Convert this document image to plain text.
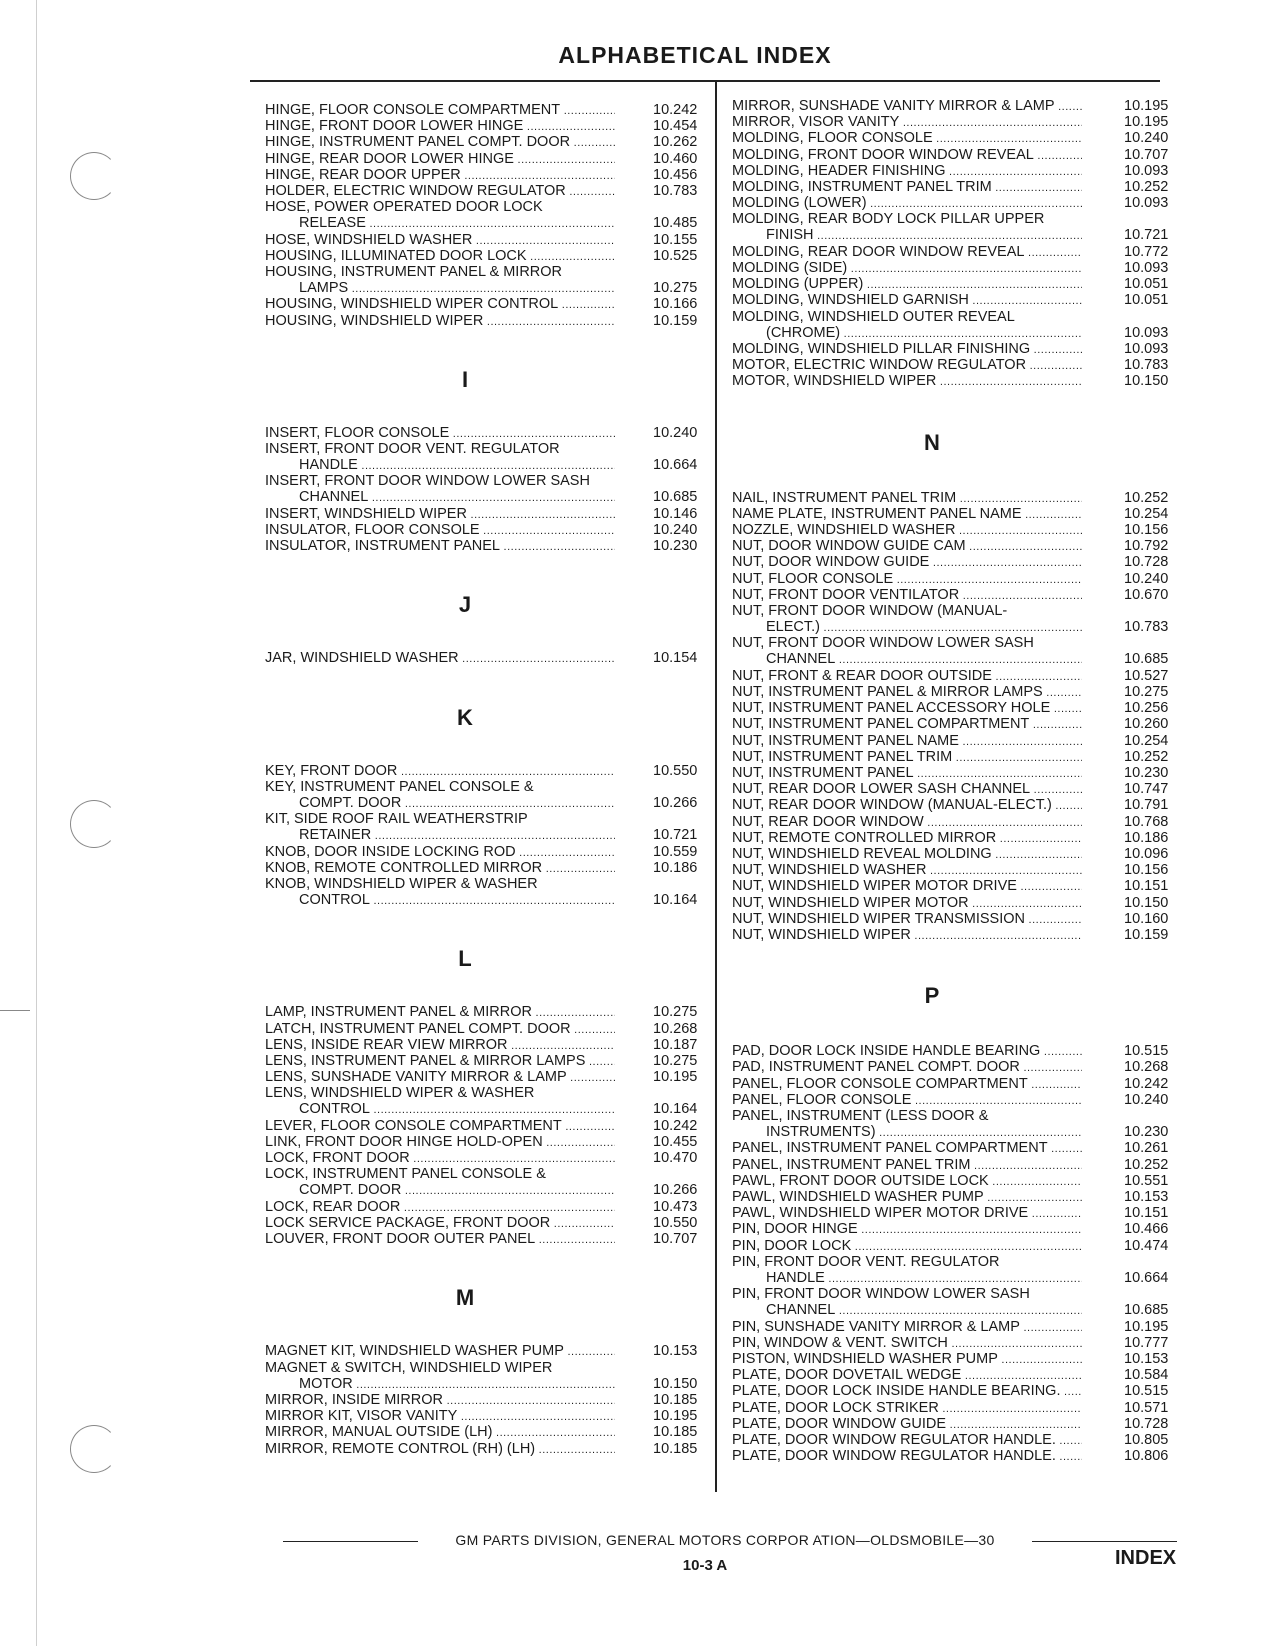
ALPHABETICAL INDEX
HINGE, FLOOR CONSOLE COMPARTMENT .....	10.242
HINGE, FRONT DOOR LOWER HINGE .....	10.454
HINGE, INSTRUMENT PANEL COMPT. DOOR .....	10.262
HINGE, REAR DOOR LOWER HINGE .....	10.460
HINGE, REAR DOOR UPPER .....	10.456
HOLDER, ELECTRIC WINDOW REGULATOR .....	10.783
HOSE, POWER OPERATED DOOR LOCK
RELEASE .....	10.485
HOSE, WINDSHIELD WASHER .....	10.155
HOUSING, ILLUMINATED DOOR LOCK .....	10.525
HOUSING, INSTRUMENT PANEL & MIRROR
LAMPS .....	10.275
HOUSING, WINDSHIELD WIPER CONTROL .....	10.166
HOUSING, WINDSHIELD WIPER .....	10.159
I
INSERT, FLOOR CONSOLE .....	10.240
INSERT, FRONT DOOR VENT. REGULATOR
HANDLE .....	10.664
INSERT, FRONT DOOR WINDOW LOWER SASH
CHANNEL .....	10.685
INSERT, WINDSHIELD WIPER .....	10.146
INSULATOR, FLOOR CONSOLE .....	10.240
INSULATOR, INSTRUMENT PANEL .....	10.230
J
JAR, WINDSHIELD WASHER .....	10.154
K
KEY, FRONT DOOR .....	10.550
KEY, INSTRUMENT PANEL CONSOLE &
COMPT. DOOR .....	10.266
KIT, SIDE ROOF RAIL WEATHERSTRIP
RETAINER .....	10.721
KNOB, DOOR INSIDE LOCKING ROD .....	10.559
KNOB, REMOTE CONTROLLED MIRROR .....	10.186
KNOB, WINDSHIELD WIPER & WASHER
CONTROL .....	10.164
L
LAMP, INSTRUMENT PANEL & MIRROR .....	10.275
LATCH, INSTRUMENT PANEL COMPT. DOOR .....	10.268
LENS, INSIDE REAR VIEW MIRROR .....	10.187
LENS, INSTRUMENT PANEL & MIRROR LAMPS .....	10.275
LENS, SUNSHADE VANITY MIRROR & LAMP .....	10.195
LENS, WINDSHIELD WIPER & WASHER
CONTROL .....	10.164
LEVER, FLOOR CONSOLE COMPARTMENT .....	10.242
LINK, FRONT DOOR HINGE HOLD-OPEN .....	10.455
LOCK, FRONT DOOR .....	10.470
LOCK, INSTRUMENT PANEL CONSOLE &
COMPT. DOOR .....	10.266
LOCK, REAR DOOR .....	10.473
LOCK SERVICE PACKAGE, FRONT DOOR .....	10.550
LOUVER, FRONT DOOR OUTER PANEL .....	10.707
M
MAGNET KIT, WINDSHIELD WASHER PUMP .....	10.153
MAGNET & SWITCH, WINDSHIELD WIPER
MOTOR .....	10.150
MIRROR, INSIDE MIRROR .....	10.185
MIRROR KIT, VISOR VANITY .....	10.195
MIRROR, MANUAL OUTSIDE (LH) .....	10.185
MIRROR, REMOTE CONTROL (RH) (LH) .....	10.185
MIRROR, SUNSHADE VANITY MIRROR & LAMP .....	10.195
MIRROR, VISOR VANITY .....	10.195
MOLDING, FLOOR CONSOLE .....	10.240
MOLDING, FRONT DOOR WINDOW REVEAL .....	10.707
MOLDING, HEADER FINISHING .....	10.093
MOLDING, INSTRUMENT PANEL TRIM .....	10.252
MOLDING (LOWER) .....	10.093
MOLDING, REAR BODY LOCK PILLAR UPPER
FINISH .....	10.721
MOLDING, REAR DOOR WINDOW REVEAL .....	10.772
MOLDING (SIDE) .....	10.093
MOLDING (UPPER) .....	10.051
MOLDING, WINDSHIELD GARNISH .....	10.051
MOLDING, WINDSHIELD OUTER REVEAL
(CHROME) .....	10.093
MOLDING, WINDSHIELD PILLAR FINISHING .....	10.093
MOTOR, ELECTRIC WINDOW REGULATOR .....	10.783
MOTOR, WINDSHIELD WIPER .....	10.150
N
NAIL, INSTRUMENT PANEL TRIM .....	10.252
NAME PLATE, INSTRUMENT PANEL NAME .....	10.254
NOZZLE, WINDSHIELD WASHER .....	10.156
NUT, DOOR WINDOW GUIDE CAM .....	10.792
NUT, DOOR WINDOW GUIDE .....	10.728
NUT, FLOOR CONSOLE .....	10.240
NUT, FRONT DOOR VENTILATOR .....	10.670
NUT, FRONT DOOR WINDOW (MANUAL-
ELECT.) .....	10.783
NUT, FRONT DOOR WINDOW LOWER SASH
CHANNEL .....	10.685
NUT, FRONT & REAR DOOR OUTSIDE .....	10.527
NUT, INSTRUMENT PANEL & MIRROR LAMPS .....	10.275
NUT, INSTRUMENT PANEL ACCESSORY HOLE .....	10.256
NUT, INSTRUMENT PANEL COMPARTMENT .....	10.260
NUT, INSTRUMENT PANEL NAME .....	10.254
NUT, INSTRUMENT PANEL TRIM .....	10.252
NUT, INSTRUMENT PANEL .....	10.230
NUT, REAR DOOR LOWER SASH CHANNEL .....	10.747
NUT, REAR DOOR WINDOW (MANUAL-ELECT.) .....	10.791
NUT, REAR DOOR WINDOW .....	10.768
NUT, REMOTE CONTROLLED MIRROR .....	10.186
NUT, WINDSHIELD REVEAL MOLDING .....	10.096
NUT, WINDSHIELD WASHER .....	10.156
NUT, WINDSHIELD WIPER MOTOR DRIVE .....	10.151
NUT, WINDSHIELD WIPER MOTOR .....	10.150
NUT, WINDSHIELD WIPER TRANSMISSION .....	10.160
NUT, WINDSHIELD WIPER .....	10.159
P
PAD, DOOR LOCK INSIDE HANDLE BEARING .....	10.515
PAD, INSTRUMENT PANEL COMPT. DOOR .....	10.268
PANEL, FLOOR CONSOLE COMPARTMENT .....	10.242
PANEL, FLOOR CONSOLE .....	10.240
PANEL, INSTRUMENT (LESS DOOR &
INSTRUMENTS) .....	10.230
PANEL, INSTRUMENT PANEL COMPARTMENT .....	10.261
PANEL, INSTRUMENT PANEL TRIM .....	10.252
PAWL, FRONT DOOR OUTSIDE LOCK .....	10.551
PAWL, WINDSHIELD WASHER PUMP .....	10.153
PAWL, WINDSHIELD WIPER MOTOR DRIVE .....	10.151
PIN, DOOR HINGE .....	10.466
PIN, DOOR LOCK .....	10.474
PIN, FRONT DOOR VENT. REGULATOR
HANDLE .....	10.664
PIN, FRONT DOOR WINDOW LOWER SASH
CHANNEL .....	10.685
PIN, SUNSHADE VANITY MIRROR & LAMP .....	10.195
PIN, WINDOW & VENT. SWITCH .....	10.777
PISTON, WINDSHIELD WASHER PUMP .....	10.153
PLATE, DOOR DOVETAIL WEDGE .....	10.584
PLATE, DOOR LOCK INSIDE HANDLE BEARING. .....	10.515
PLATE, DOOR LOCK STRIKER .....	10.571
PLATE, DOOR WINDOW GUIDE .....	10.728
PLATE, DOOR WINDOW REGULATOR HANDLE. .....	10.805
PLATE, DOOR WINDOW REGULATOR HANDLE. .....	10.806
GM PARTS DIVISION, GENERAL MOTORS CORPOR ATION—OLDSMOBILE—30
10-3 A	INDEX
